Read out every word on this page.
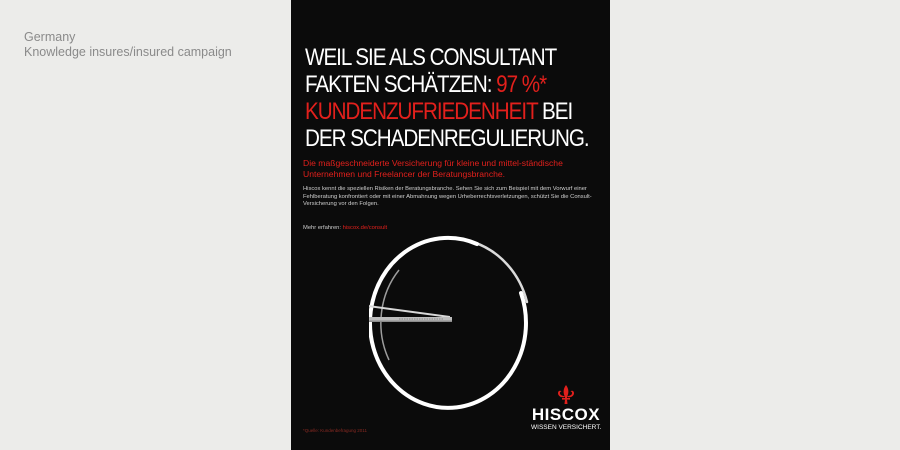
Germany
Knowledge insures/insured campaign	WEIL SIE ALS CONSULTANT
FAKTEN SCHÄTZEN: 97 %*
KUNDENZUFRIEDENHEIT BEI
DER SCHADENREGULIERUNG.
Die maßgeschneiderte Versicherung für kleine und mittel-ständische Unternehmen und Freelancer der Beratungsbranche.
Hiscox kennt die speziellen Risiken der Beratungsbranche. Sehen Sie sich zum Beispiel mit dem Vorwurf einer Fehlberatung konfrontiert oder mit einer Abmahnung wegen Urheberrechtsverletzungen, schützt Sie die Consult-Versicherung vor den Folgen.
Mehr erfahren: hiscox.de/consult
HISCOX
WISSEN VERSICHERT.
*Quelle: Kundenbefragung 2011
